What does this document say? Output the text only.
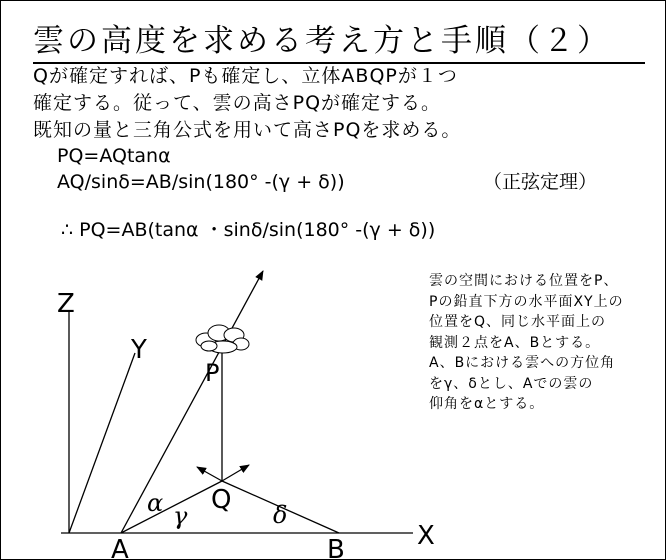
雲の高度を求める考え方と手順（２）
Qが確定すれば、Pも確定し、立体ABQPが１つ
確定する。従って、雲の高さPQが確定する。
既知の量と三角公式を用いて高さPQを求める。
PQ=AQtanα
AQ/sinδ=AB/sin(180° -(γ + δ))	（正弦定理）
∴ PQ=AB(tanα ・sinδ/sin(180° -(γ + δ))
雲の空間における位置をP、
Pの鉛直下方の水平面XY上の
位置をQ、同じ水平面上の
観測２点をA、Bとする。
A、Bにおける雲への方位角
をγ、δとし、Aでの雲の
仰角をαとする。
Z
Y
X
A	B
P
Q
α γ	δ
